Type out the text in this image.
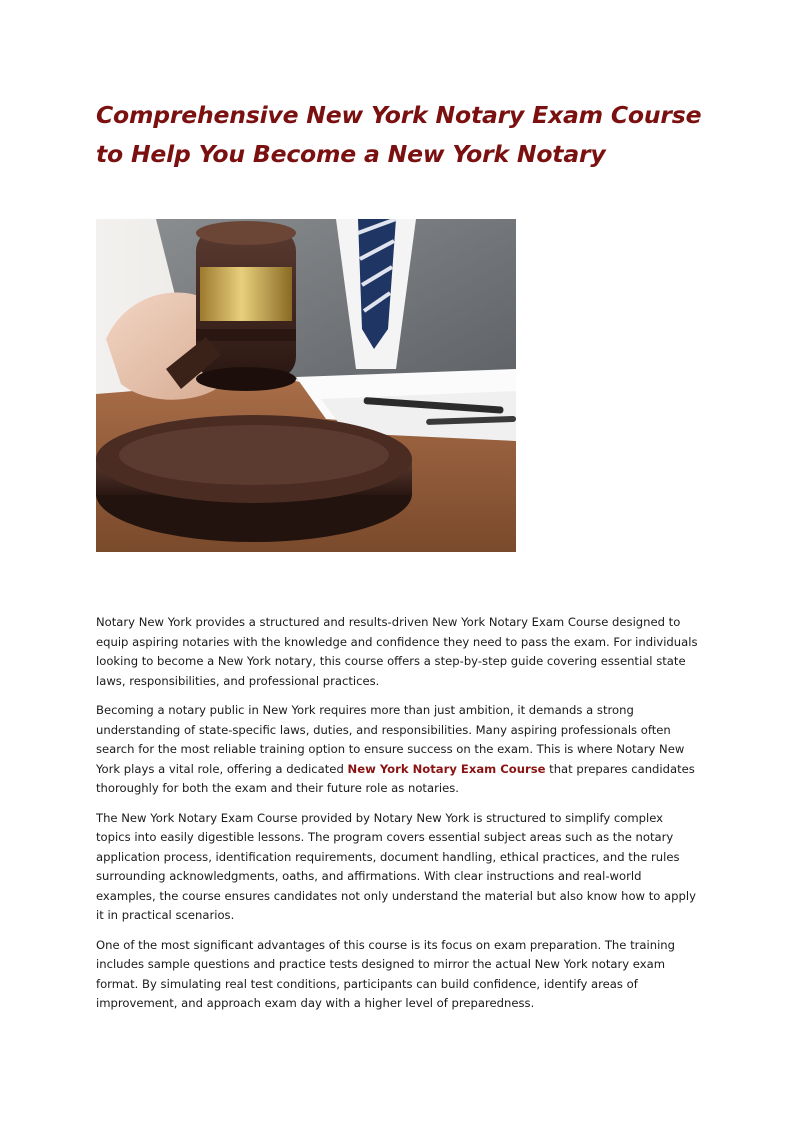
Comprehensive New York Notary Exam Course to Help You Become a New York Notary

Notary New York provides a structured and results-driven New York Notary Exam Course designed to equip aspiring notaries with the knowledge and confidence they need to pass the exam. For individuals looking to become a New York notary, this course offers a step-by-step guide covering essential state laws, responsibilities, and professional practices.

Becoming a notary public in New York requires more than just ambition, it demands a strong understanding of state-specific laws, duties, and responsibilities. Many aspiring professionals often search for the most reliable training option to ensure success on the exam. This is where Notary New York plays a vital role, offering a dedicated New York Notary Exam Course that prepares candidates thoroughly for both the exam and their future role as notaries.

The New York Notary Exam Course provided by Notary New York is structured to simplify complex topics into easily digestible lessons. The program covers essential subject areas such as the notary application process, identification requirements, document handling, ethical practices, and the rules surrounding acknowledgments, oaths, and affirmations. With clear instructions and real-world examples, the course ensures candidates not only understand the material but also know how to apply it in practical scenarios.

One of the most significant advantages of this course is its focus on exam preparation. The training includes sample questions and practice tests designed to mirror the actual New York notary exam format. By simulating real test conditions, participants can build confidence, identify areas of improvement, and approach exam day with a higher level of preparedness.
